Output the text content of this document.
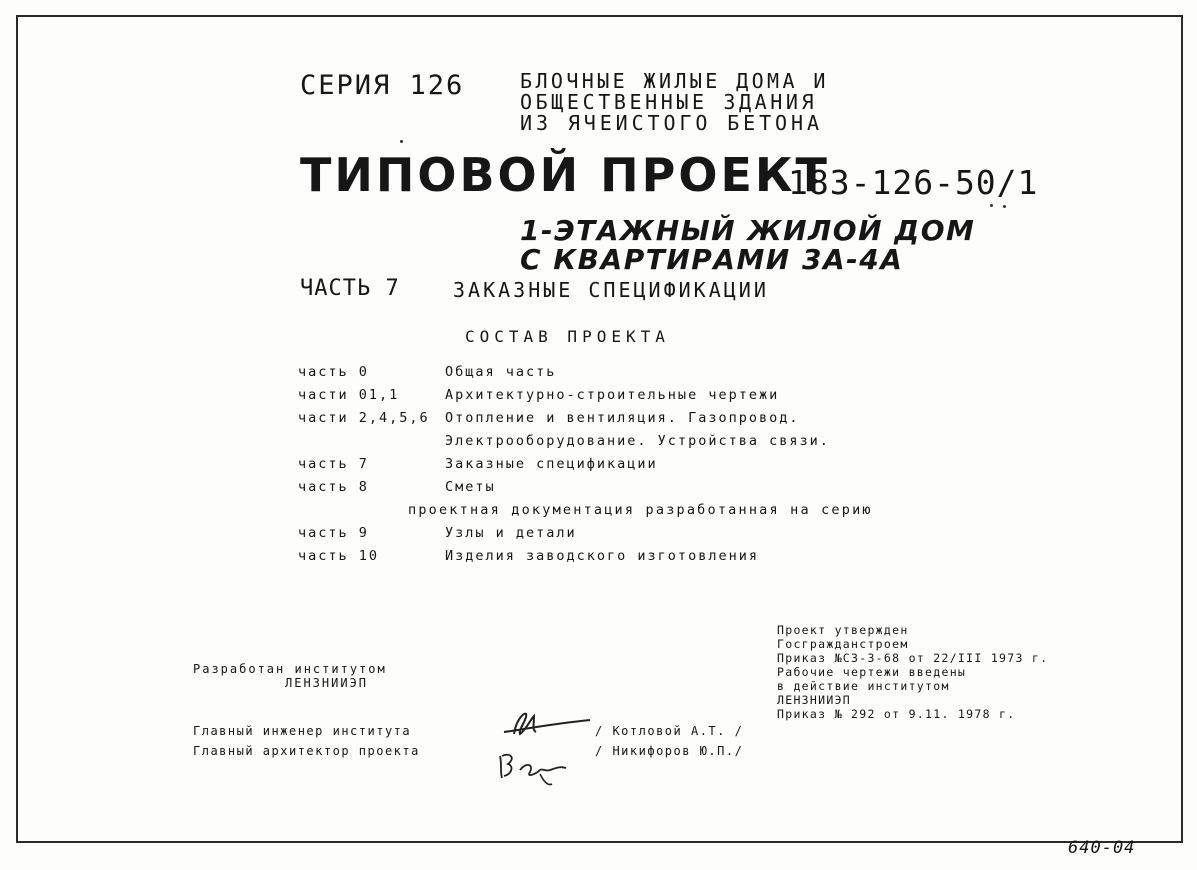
СЕРИЯ 126	БЛОЧНЫЕ ЖИЛЫЕ ДОМА И
ОБЩЕСТВЕННЫЕ ЗДАНИЯ
ИЗ ЯЧЕИСТОГО БЕТОНА
ТИПОВОЙ ПРОЕКТ
183-126-50/1
1-ЭТАЖНЫЙ ЖИЛОЙ ДОМ
С КВАРТИРАМИ 3А-4А
ЧАСТЬ 7	ЗАКАЗНЫЕ СПЕЦИФИКАЦИИ
СОСТАВ ПРОЕКТА
часть 0	Общая часть
части 01,1	Архитектурно-строительные чертежи
части 2,4,5,6 Отопление и вентиляция. Газопровод.
Электрооборудование. Устройства связи.
часть 7	Заказные спецификации
часть 8	Сметы
проектная документация разработанная на серию
часть 9	Узлы и детали
часть 10	Изделия заводского изготовления
Проект утвержден
Госгражданстроем
Приказ №С3-3-68 от 22/III 1973 г.
Рабочие чертежи введены
в действие институтом
ЛЕНЗНИИЭП
Приказ № 292 от 9.11. 1978 г.
Разработан институтом
ЛЕНЗНИИЭП
Главный инженер института	/ Котловой А.Т. /
Главный архитектор проекта	/ Никифоров Ю.П./
640-04
